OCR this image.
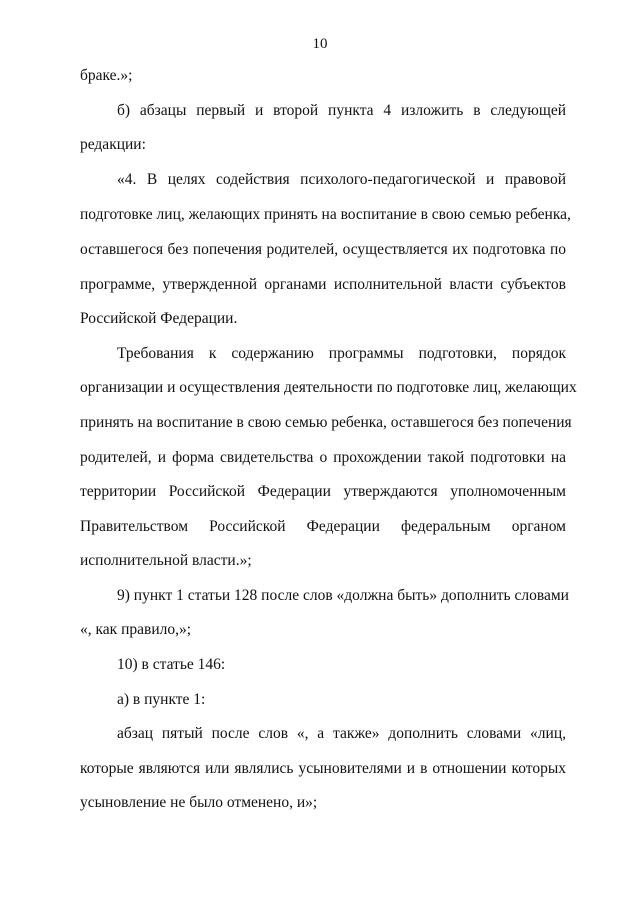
10
браке.»;
б) абзацы первый и второй пункта 4 изложить в следующей
редакции:
«4. В целях содействия психолого-педагогической и правовой
подготовке лиц, желающих принять на воспитание в свою семью ребенка,
оставшегося без попечения родителей, осуществляется их подготовка по
программе, утвержденной органами исполнительной власти субъектов
Российской Федерации.
Требования к содержанию программы подготовки, порядок
организации и осуществления деятельности по подготовке лиц, желающих
принять на воспитание в свою семью ребенка, оставшегося без попечения
родителей, и форма свидетельства о прохождении такой подготовки на
территории Российской Федерации утверждаются уполномоченным
Правительством Российской Федерации федеральным органом
исполнительной власти.»;
9) пункт 1 статьи 128 после слов «должна быть» дополнить словами
«, как правило,»;
10) в статье 146:
а) в пункте 1:
абзац пятый после слов «, а также» дополнить словами «лиц,
которые являются или являлись усыновителями и в отношении которых
усыновление не было отменено, и»;
